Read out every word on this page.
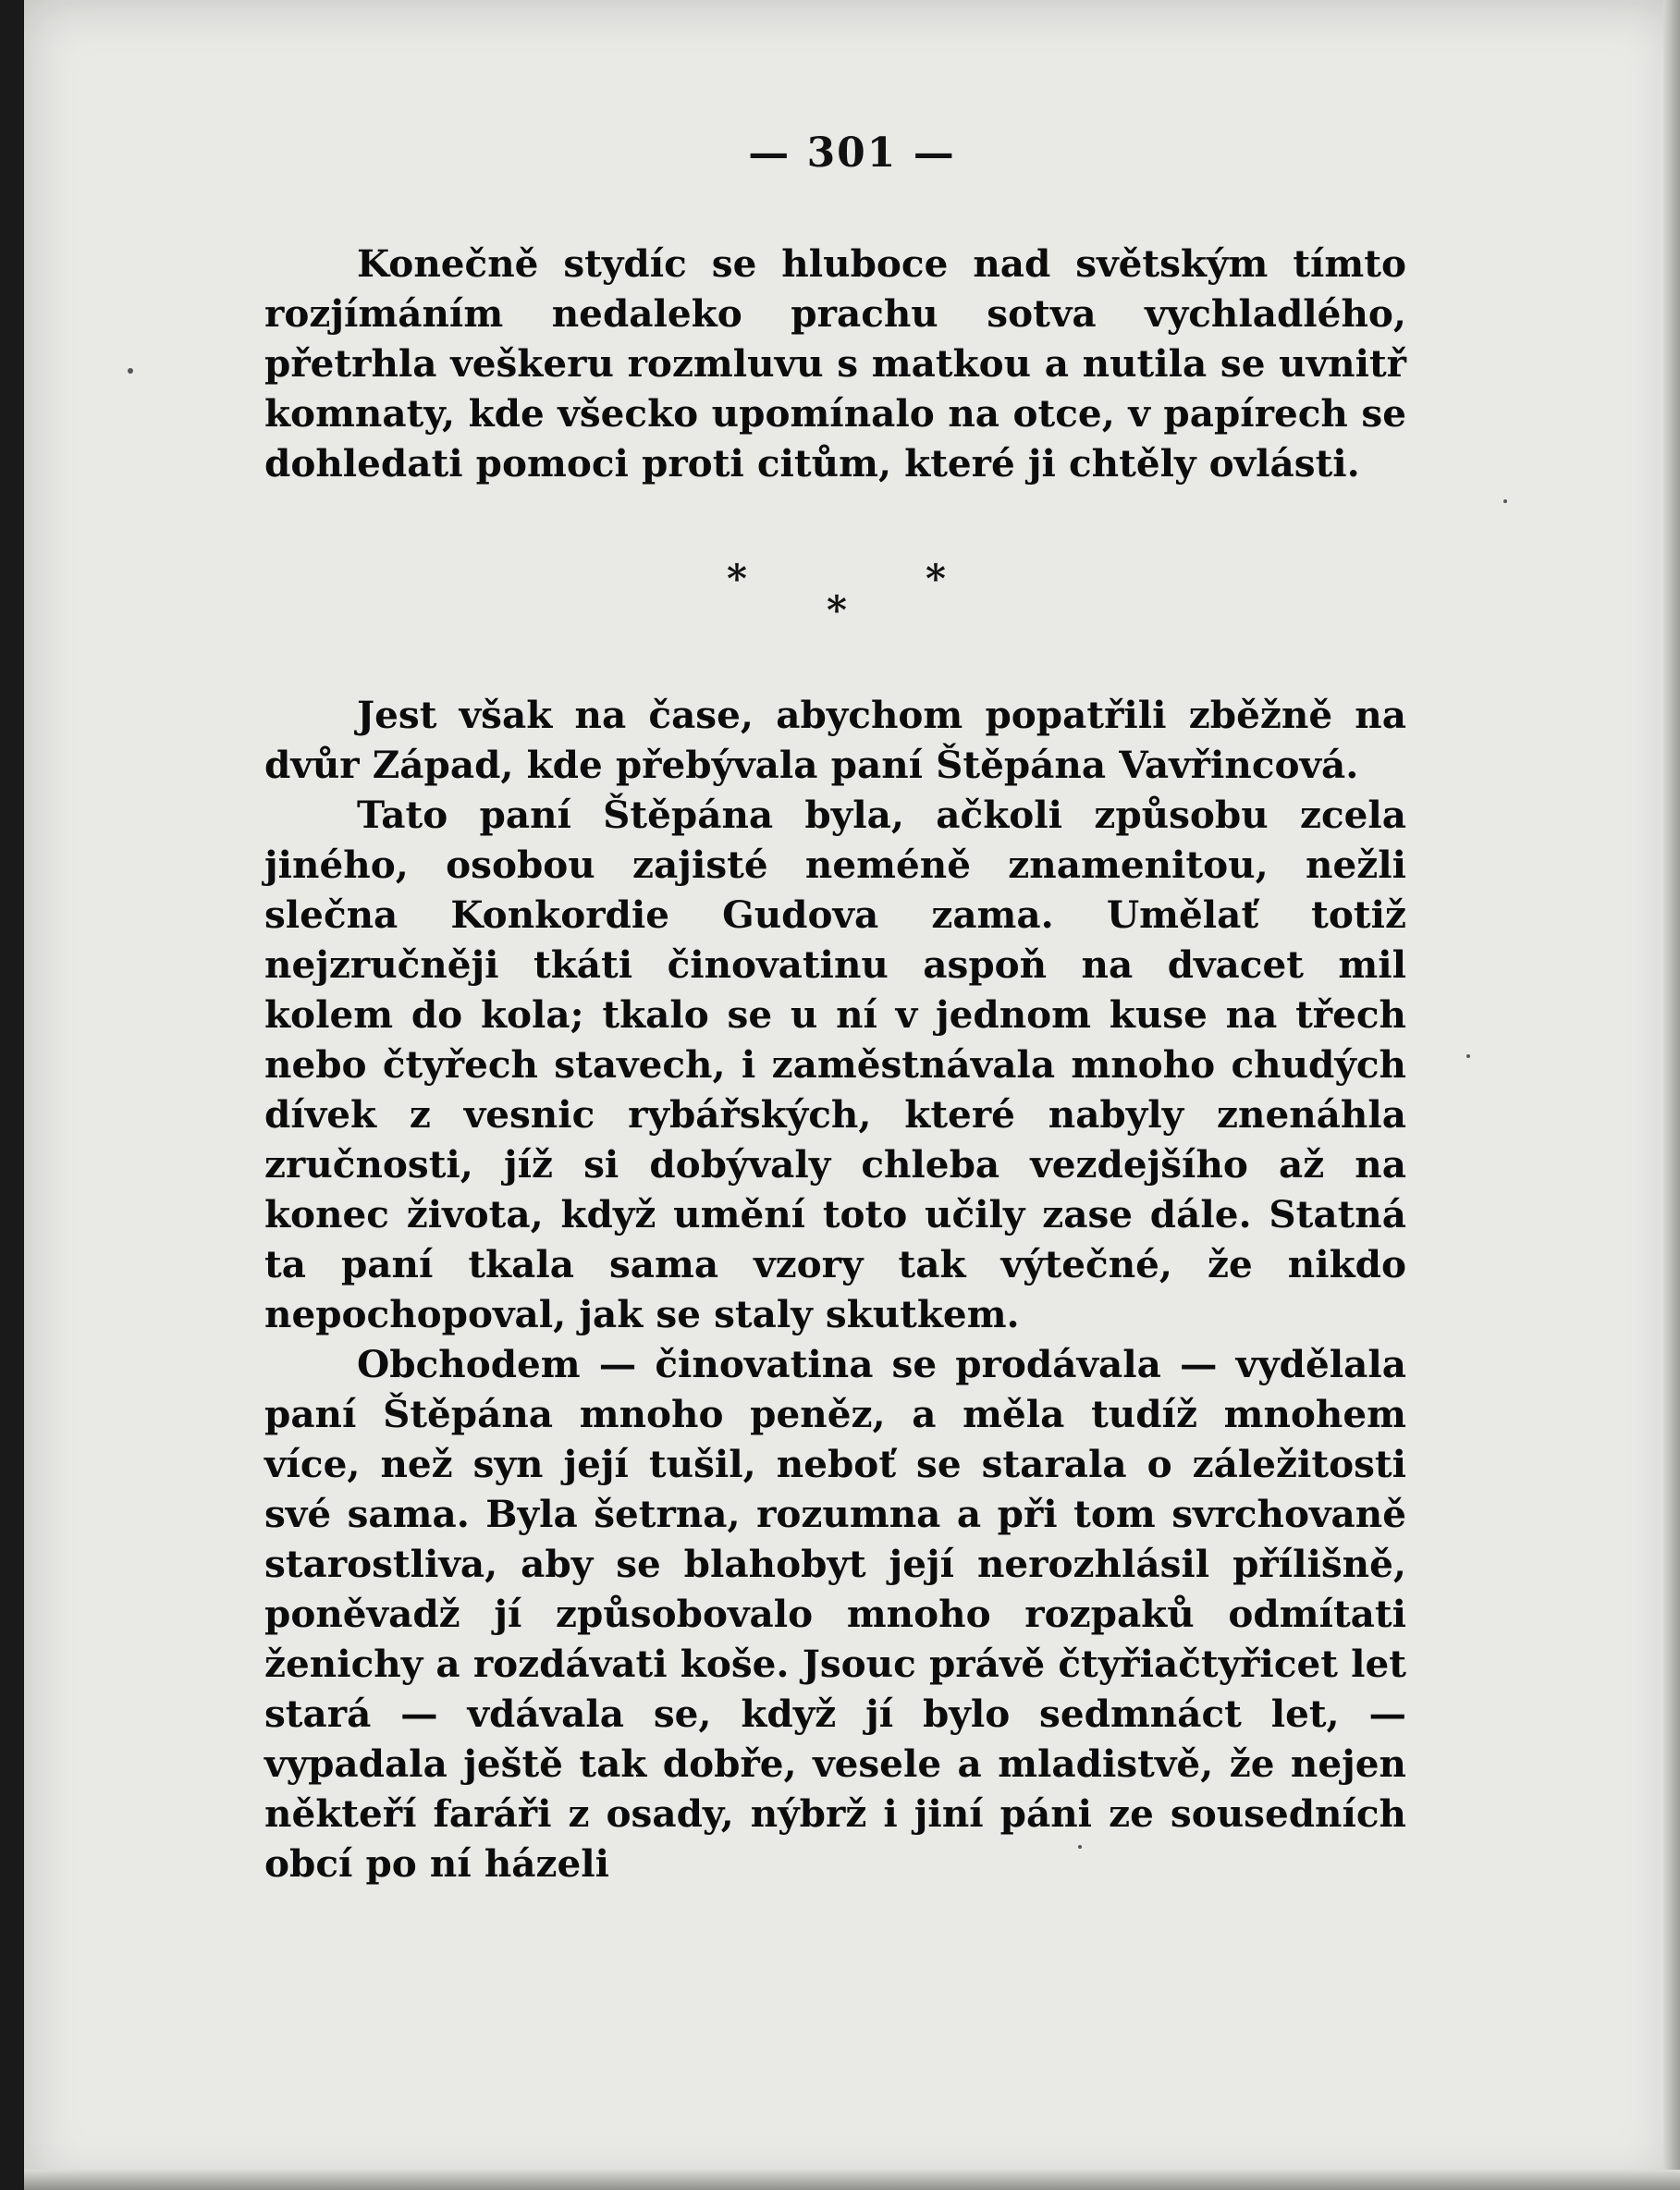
— 301 —

Konečně stydíc se hluboce nad světským tímto rozjímáním nedaleko prachu sotva vychladlého, přetrhla veškeru rozmluvu s matkou a nutila se uvnitř komnaty, kde všecko upomínalo na otce, v papírech se dohledati pomoci proti citům, které ji chtěly ovlásti.

*	*
*

Jest však na čase, abychom popatřili zběžně na dvůr Západ, kde přebývala paní Štěpána Vavřincová.

Tato paní Štěpána byla, ačkoli způsobu zcela jiného, osobou zajisté neméně znamenitou, nežli slečna Konkordie Gudova zama. Umělať totiž nejzručněji tkáti činovatinu aspoň na dvacet mil kolem do kola; tkalo se u ní v jednom kuse na třech nebo čtyřech stavech, i zaměstnávala mnoho chudých dívek z vesnic rybářských, které nabyly znenáhla zručnosti, jíž si dobývaly chleba vezdejšího až na konec života, když umění toto učily zase dále. Statná ta paní tkala sama vzory tak výtečné, že nikdo nepochopoval, jak se staly skutkem.

Obchodem — činovatina se prodávala — vydělala paní Štěpána mnoho peněz, a měla tudíž mnohem více, než syn její tušil, neboť se starala o záležitosti své sama. Byla šetrna, rozumna a při tom svrchovaně starostliva, aby se blahobyt její nerozhlásil přílišně, poněvadž jí způsobovalo mnoho rozpaků odmítati ženichy a rozdávati koše. Jsouc právě čtyřiačtyřicet let stará — vdávala se, když jí bylo sedmnáct let, — vypadala ještě tak dobře, vesele a mladistvě, že nejen někteří faráři z osady, nýbrž i jiní páni ze sousedních obcí po ní házeli
